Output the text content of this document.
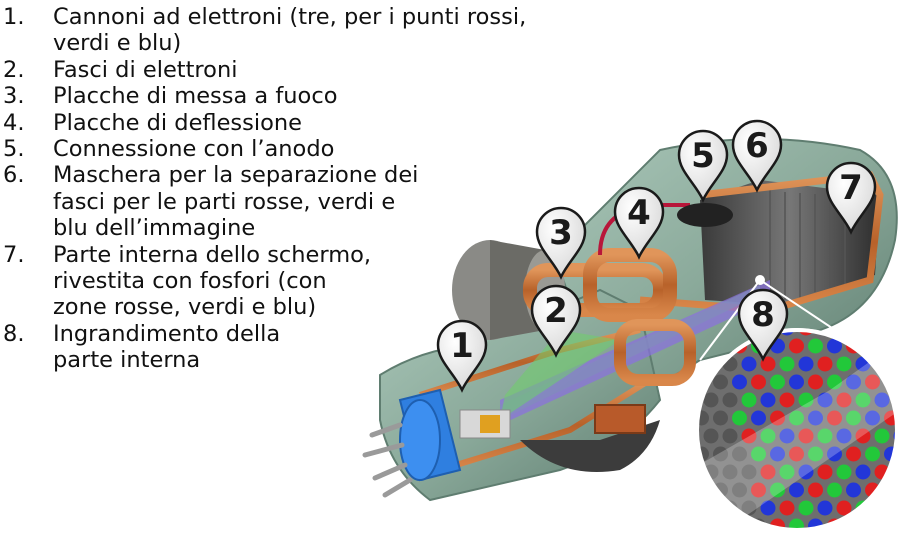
1.	Cannoni ad elettroni (tre, per i punti rossi,
verdi e blu)
2.	Fasci di elettroni
3.	Placche di messa a fuoco
4.	Placche di deflessione
5.	Connessione con l’anodo
6.	Maschera per la separazione dei
fasci per le parti rosse, verdi e
blu dell’immagine
7.	Parte interna dello schermo,
rivestita con fosfori (con
zone rosse, verdi e blu)
8.	Ingrandimento della
parte interna	1
2
3 4
5 6
7
8
